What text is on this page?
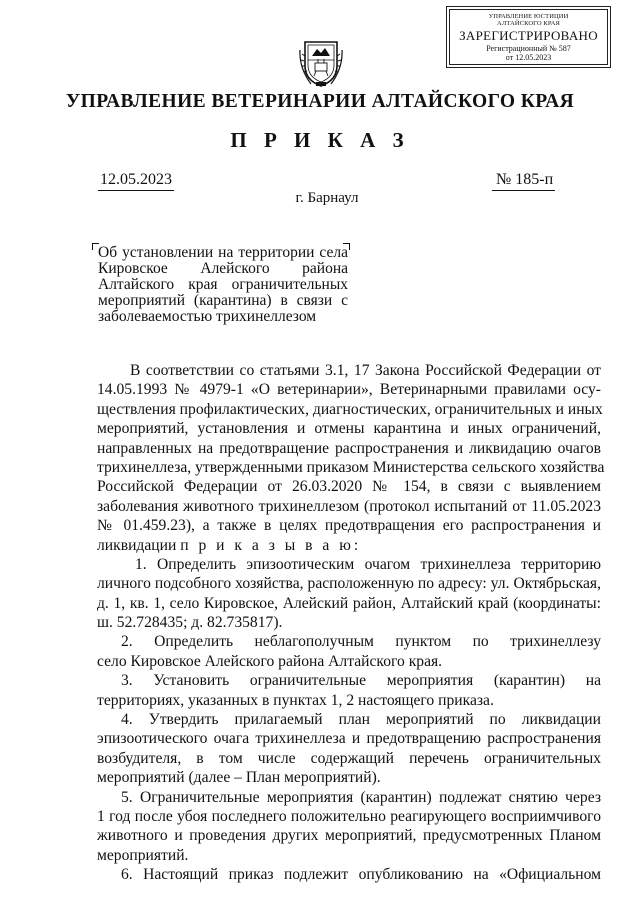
УПРАВЛЕНИЕ ЮСТИЦИИ
АЛТАЙСКОГО КРАЯ
ЗАРЕГИСТРИРОВАНО
Регистрационный № 587
от 12.05.2023
УПРАВЛЕНИЕ ВЕТЕРИНАРИИ АЛТАЙСКОГО КРАЯ
П Р И К А З
12.05.2023	№ 185-п
г. Барнаул
Об установлении на территории села
Кировское Алейского района
Алтайского края ограничительных
мероприятий (карантина) в связи с
заболеваемостью трихинеллезом
В соответствии со статьями 3.1, 17 Закона Российской Федерации от
14.05.1993 № 4979-1 «О ветеринарии», Ветеринарными правилами осу-
ществления профилактических, диагностических, ограничительных и иных
мероприятий, установления и отмены карантина и иных ограничений,
направленных на предотвращение распространения и ликвидацию очагов
трихинеллеза, утвержденными приказом Министерства сельского хозяйства
Российской Федерации от 26.03.2020 № 154, в связи с выявлением
заболевания животного трихинеллезом (протокол испытаний от 11.05.2023
№ 01.459.23), а также в целях предотвращения его распространения и
ликвидации п р и к а з ы в а ю:
1. Определить эпизоотическим очагом трихинеллеза территорию
личного подсобного хозяйства, расположенную по адресу: ул. Октябрьская,
д. 1, кв. 1, село Кировское, Алейский район, Алтайский край (координаты:
ш. 52.728435; д. 82.735817).
2. Определить неблагополучным пунктом по трихинеллезу
село Кировское Алейского района Алтайского края.
3. Установить ограничительные мероприятия (карантин) на
территориях, указанных в пунктах 1, 2 настоящего приказа.
4. Утвердить прилагаемый план мероприятий по ликвидации
эпизоотического очага трихинеллеза и предотвращению распространения
возбудителя, в том числе содержащий перечень ограничительных
мероприятий (далее – План мероприятий).
5. Ограничительные мероприятия (карантин) подлежат снятию через
1 год после убоя последнего положительно реагирующего восприимчивого
животного и проведения других мероприятий, предусмотренных Планом
мероприятий.
6. Настоящий приказ подлежит опубликованию на «Официальном
